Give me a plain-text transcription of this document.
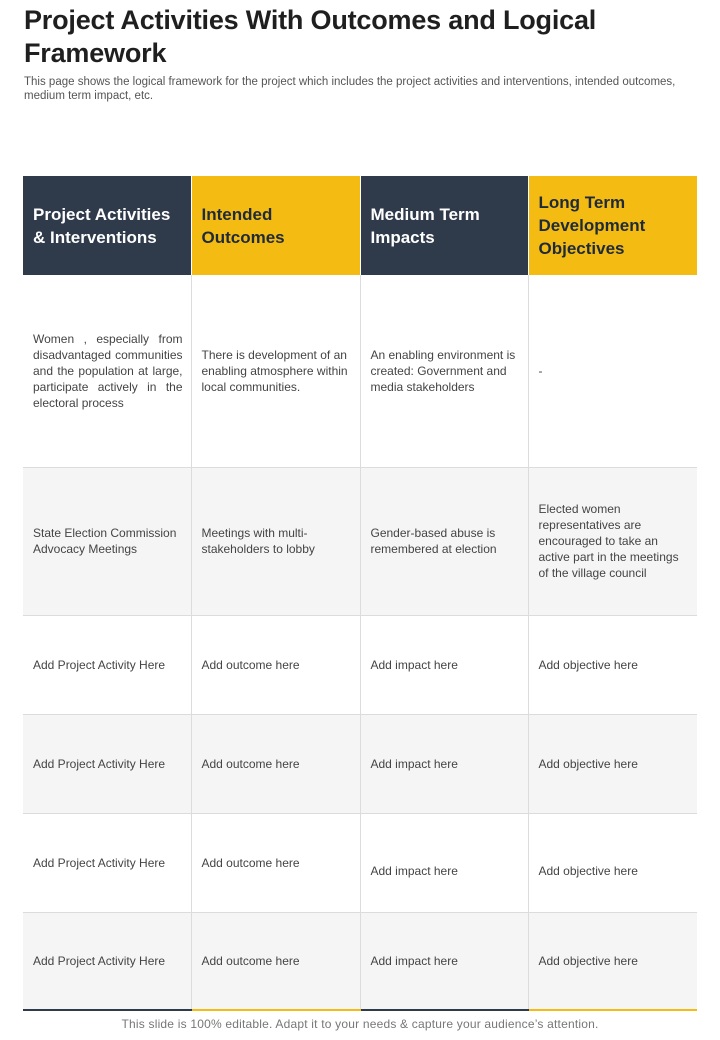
Project Activities With Outcomes and Logical Framework

This page shows the logical framework for the project which includes the project activities and interventions, intended outcomes, medium term impact, etc.

Project Activities & Interventions	Intended Outcomes	Medium Term Impacts	Long Term Development Objectives
Women , especially from disadvantaged communities and the population at large, participate actively in the electoral process	There is development of an enabling atmosphere within local communities.	An enabling environment is created: Government and media stakeholders	-
State Election Commission Advocacy Meetings	Meetings with multi-stakeholders to lobby	Gender-based abuse is remembered at election	Elected women representatives are encouraged to take an active part in the meetings of the village council
Add Project Activity Here	Add outcome here	Add impact here	Add objective here
Add Project Activity Here	Add outcome here	Add impact here	Add objective here
Add Project Activity Here	Add outcome here	Add impact here	Add objective here
Add Project Activity Here	Add outcome here	Add impact here	Add objective here
This slide is 100% editable. Adapt it to your needs & capture your audience’s attention.
